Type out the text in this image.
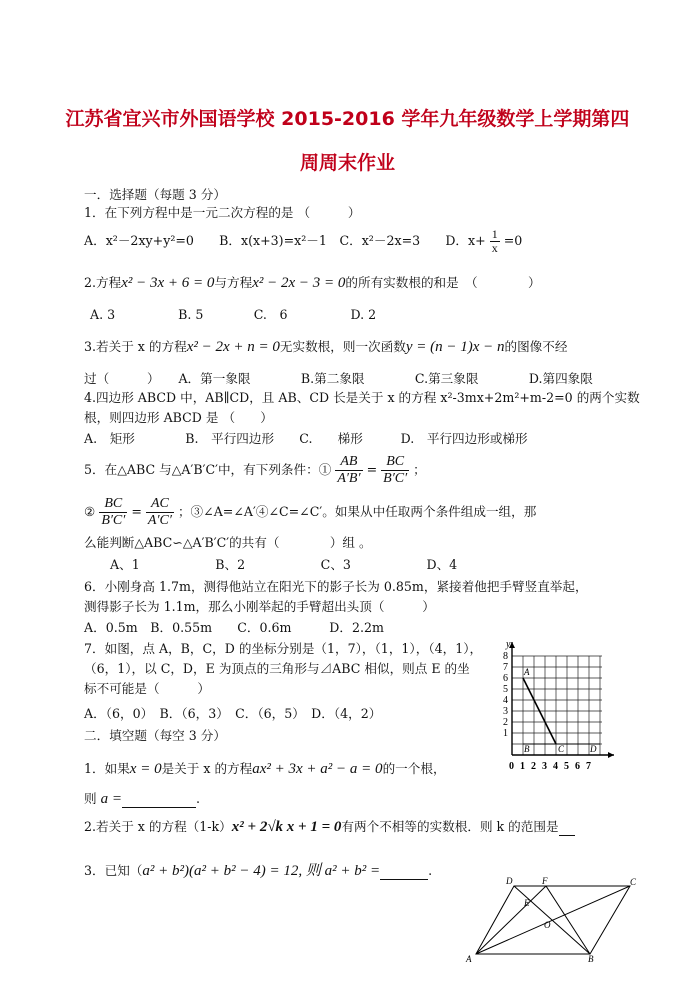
江苏省宜兴市外国语学校 2015-2016 学年九年级数学上学期第四
周周末作业
一．选择题（每题 3 分）
1．在下列方程中是一元二次方程的是 （　　　）
A．x²－2xy+y²=0　　B．x(x+3)=x²－1　C．x²－2x=3　　D．$x+ \frac{1}{x} =0$
2.方程x² − 3x + 6 = 0与方程x² − 2x − 3 = 0的所有实数根的和是　（　　　　）
A. 3　　　　　B. 5　　　　C.　6　　　　　D. 2
3.若关于 x 的方程x² − 2x + n = 0无实数根，则一次函数y = (n − 1)x − n的图像不经
过（　　　）　　A．第一象限　　　　B.第二象限　　　　C.第三象限　　　　D.第四象限
4.四边形 ABCD 中，AB∥CD，且 AB、CD 长是关于 x 的方程 x²-3mx+2m²+m-2=0 的两个实数
根，则四边形 ABCD 是 （　　）
A.　矩形　　　　B.　平行四边形　　C.　　梯形　　　D.　平行四边形或梯形
5．在△ABC 与△A′B′C′中，有下列条件：① $\frac{AB}{A'B'} = \frac{BC}{B'C'}$ ；
② $\frac{BC}{B'C'} = \frac{AC}{A'C'}$ ；③∠A=∠A′④∠C=∠C′。如果从中任取两个条件组成一组，那
么能判断△ABC∽△A′B′C′的共有（　　　　）组 。
A、1　　　　　　B、2　　　　　　C、3　　　　　　D、4
6．小刚身高 1.7m，测得他站立在阳光下的影子长为 0.85m，紧接着他把手臂竖直举起，
测得影子长为 1.1m，那么小刚举起的手臂超出头顶（　　　）
A．0.5m　B．0.55m　　C．0.6m　　　D．2.2m
7．如图，点 A，B，C，D 的坐标分别是（1，7），（1，1），（4，1），
（6，1），以 C，D，E 为顶点的三角形与⊿ABC 相似，则点 E 的坐
标不可能是（　　　）
A．（6，0）　B．（6，3）　C．（6，5）　D．（4，2）
二．填空题（每空 3 分）
1．如果x = 0是关于 x 的方程ax² + 3x + a² − a = 0的一个根，
则 a =	.
2.若关于 x 的方程（1-k）x² + 2√k x + 1 = 0有两个不相等的实数根．则 k 的范围是
3．已知（a² + b²)(a² + b² − 4) = 12, 则 a² + b² =	.
y
A
B	C	D
8
7
6
5
4
3
2
1
0 1 2 3 4 5 6 7
D	F	C
E
O
A	B
